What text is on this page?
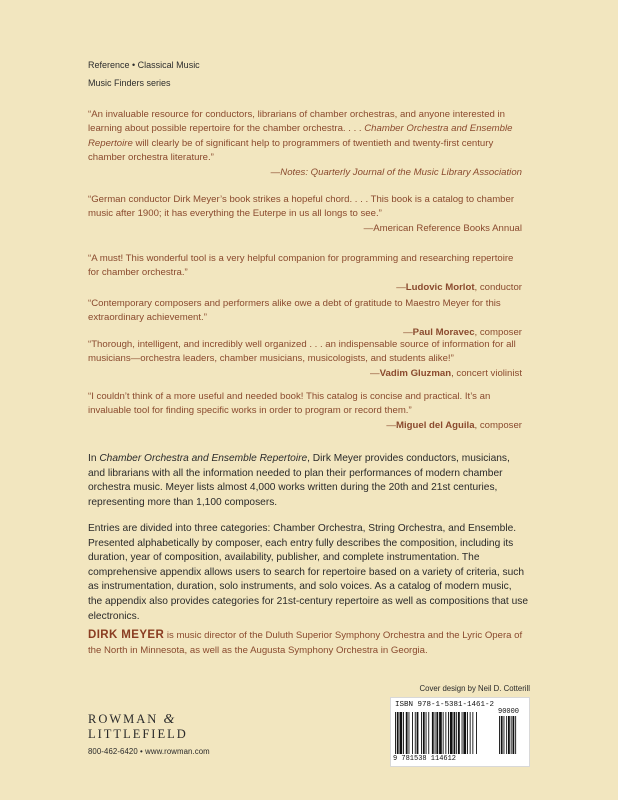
Reference • Classical Music
Music Finders series

“An invaluable resource for conductors, librarians of chamber orchestras, and anyone interested in learning about possible repertoire for the chamber orchestra. . . . Chamber Orchestra and Ensemble Repertoire will clearly be of significant help to programmers of twentieth and twenty-first century chamber orchestra literature.”

—Notes: Quarterly Journal of the Music Library Association

“German conductor Dirk Meyer’s book strikes a hopeful chord. . . . This book is a catalog to chamber music after 1900; it has everything the Euterpe in us all longs to see.”

—American Reference Books Annual

“A must! This wonderful tool is a very helpful companion for programming and researching repertoire for chamber orchestra.”

—Ludovic Morlot, conductor

“Contemporary composers and performers alike owe a debt of gratitude to Maestro Meyer for this extraordinary achievement.”

—Paul Moravec, composer

“Thorough, intelligent, and incredibly well organized . . . an indispensable source of information for all musicians—orchestra leaders, chamber musicians, musicologists, and students alike!”

—Vadim Gluzman, concert violinist

“I couldn’t think of a more useful and needed book! This catalog is concise and practical. It’s an invaluable tool for finding specific works in order to program or record them.”

—Miguel del Aguila, composer

In Chamber Orchestra and Ensemble Repertoire, Dirk Meyer provides conductors, musicians, and librarians with all the information needed to plan their performances of modern chamber orchestra music. Meyer lists almost 4,000 works written during the 20th and 21st centuries, representing more than 1,100 composers.
Entries are divided into three categories: Chamber Orchestra, String Orchestra, and Ensemble. Presented alphabetically by composer, each entry fully describes the composition, including its duration, year of composition, availability, publisher, and complete instrumentation. The comprehensive appendix allows users to search for repertoire based on a variety of criteria, such as instrumentation, duration, solo instruments, and solo voices. As a catalog of modern music, the appendix also provides categories for 21st-century repertoire as well as compositions that use electronics.
DIRK MEYER is music director of the Duluth Superior Symphony Orchestra and the Lyric Opera of the North in Minnesota, as well as the Augusta Symphony Orchestra in Georgia.
ROWMAN &
LITTLEFIELD
800-462-6420 • www.rowman.com
Cover design by Neil D. Cotterill
ISBN 978-1-5381-1461-2
90000
9 781538 114612
